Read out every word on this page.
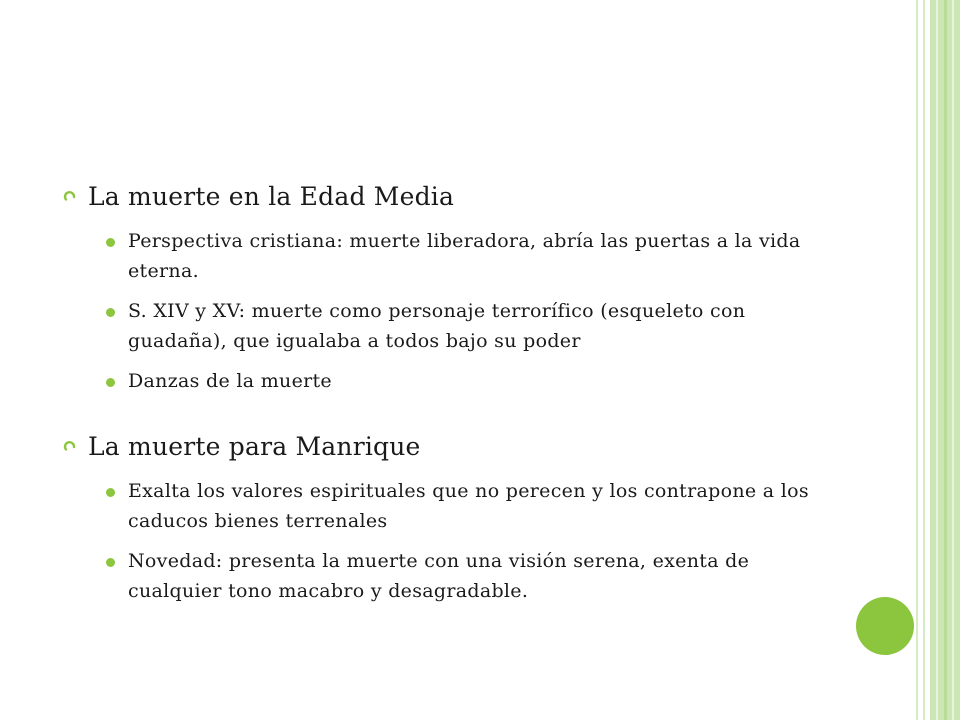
La muerte en la Edad Media
Perspectiva cristiana: muerte liberadora, abría las puertas a la vida eterna.
S. XIV y XV: muerte como personaje terrorífico (esqueleto con guadaña), que igualaba a todos bajo su poder
Danzas de la muerte
La muerte para Manrique
Exalta los valores espirituales que no perecen y los contrapone a los caducos bienes terrenales
Novedad: presenta la muerte con una visión serena, exenta de cualquier tono macabro y desagradable.
